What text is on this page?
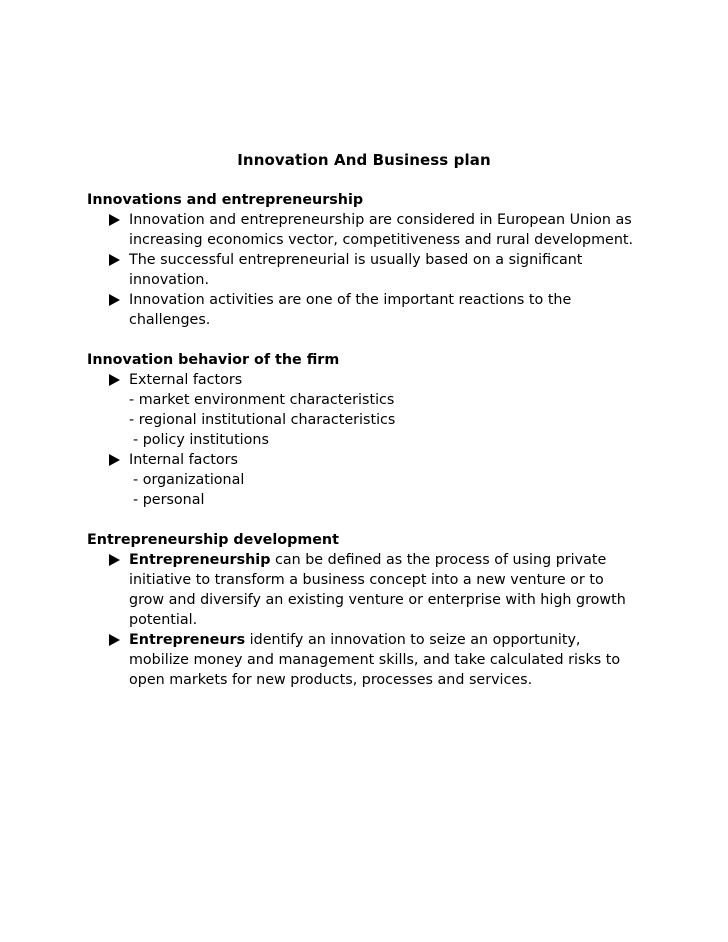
Innovation And Business plan
Innovations and entrepreneurship
Innovation and entrepreneurship are considered in European Union as
increasing economics vector, competitiveness and rural development.
The successful entrepreneurial is usually based on a significant
innovation.
Innovation activities are one of the important reactions to the
challenges.
Innovation behavior of the firm
External factors
- market environment characteristics
- regional institutional characteristics
- policy institutions
Internal factors
- organizational
- personal
Entrepreneurship development
Entrepreneurship can be defined as the process of using private
initiative to transform a business concept into a new venture or to
grow and diversify an existing venture or enterprise with high growth
potential.
Entrepreneurs identify an innovation to seize an opportunity,
mobilize money and management skills, and take calculated risks to
open markets for new products, processes and services.
